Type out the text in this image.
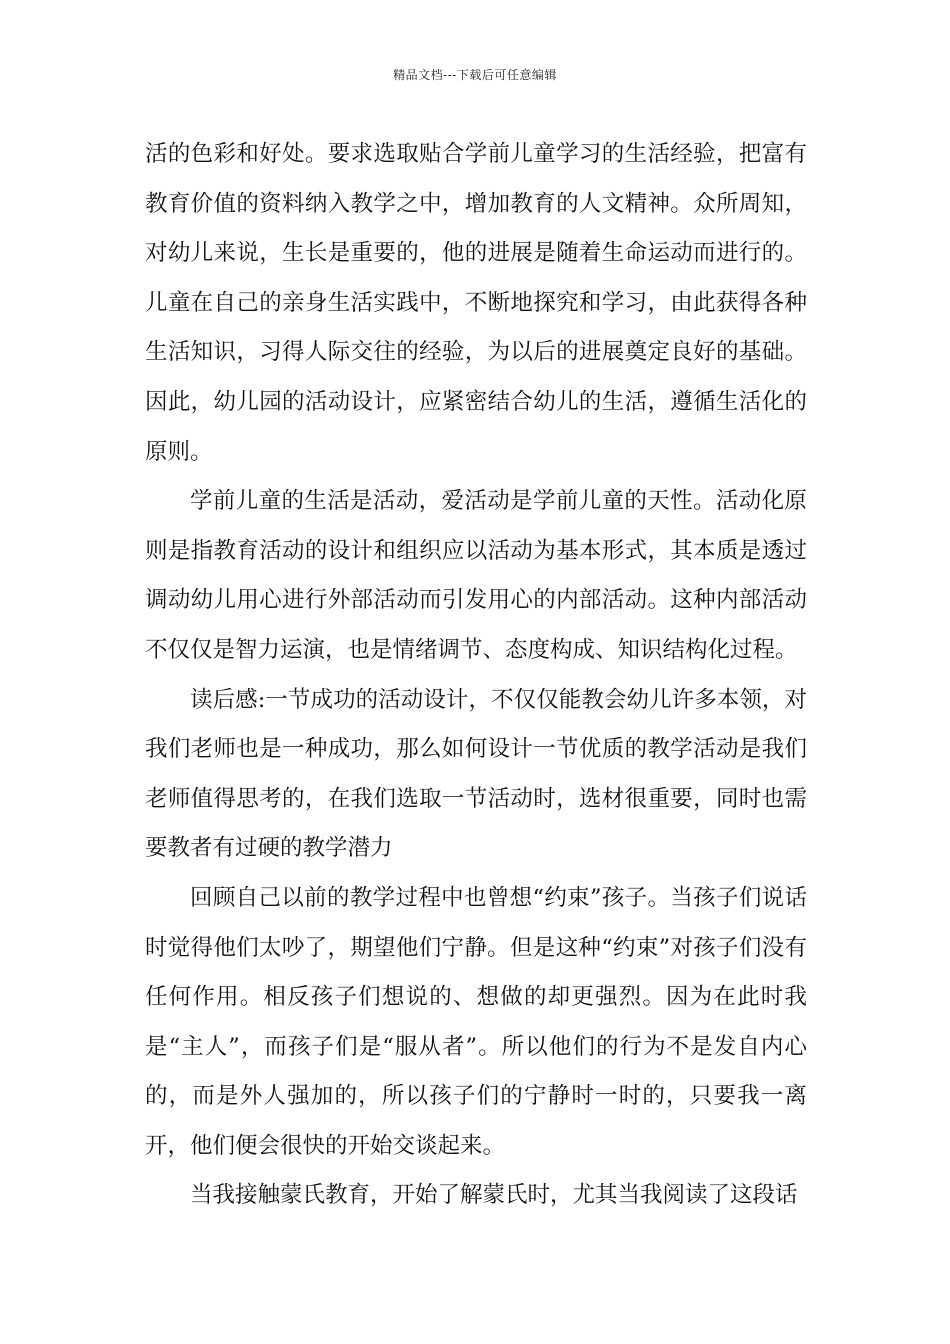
精品文档---下载后可任意编辑

活的色彩和好处。要求选取贴合学前儿童学习的生活经验，把富有教育价值的资料纳入教学之中，增加教育的人文精神。众所周知，对幼儿来说，生长是重要的，他的进展是随着生命运动而进行的。儿童在自己的亲身生活实践中，不断地探究和学习，由此获得各种生活知识，习得人际交往的经验，为以后的进展奠定良好的基础。因此，幼儿园的活动设计，应紧密结合幼儿的生活，遵循生活化的原则。

学前儿童的生活是活动，爱活动是学前儿童的天性。活动化原则是指教育活动的设计和组织应以活动为基本形式，其本质是透过调动幼儿用心进行外部活动而引发用心的内部活动。这种内部活动不仅仅是智力运演，也是情绪调节、态度构成、知识结构化过程。

读后感:一节成功的活动设计，不仅仅能教会幼儿许多本领，对我们老师也是一种成功，那么如何设计一节优质的教学活动是我们老师值得思考的，在我们选取一节活动时，选材很重要，同时也需要教者有过硬的教学潜力

回顾自己以前的教学过程中也曾想“约束”孩子。当孩子们说话时觉得他们太吵了，期望他们宁静。但是这种“约束”对孩子们没有任何作用。相反孩子们想说的、想做的却更强烈。因为在此时我是“主人”，而孩子们是“服从者”。所以他们的行为不是发自内心的，而是外人强加的，所以孩子们的宁静时一时的，只要我一离开，他们便会很快的开始交谈起来。

当我接触蒙氏教育，开始了解蒙氏时，尤其当我阅读了这段话
